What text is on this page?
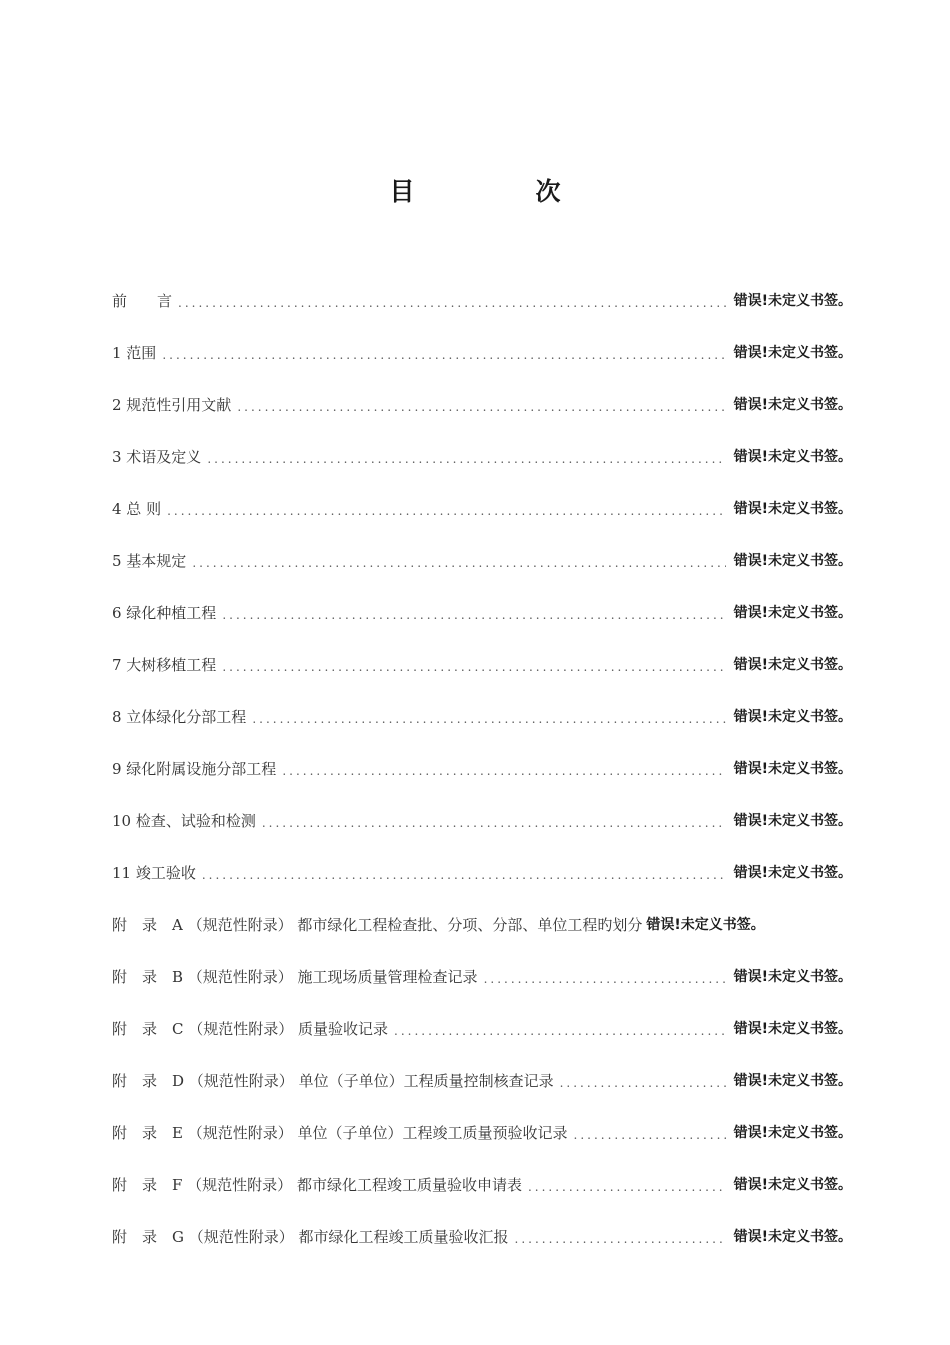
目　次
前　　言 .....	错误!未定义书签。
1 范围 .....	错误!未定义书签。
2 规范性引用文献 .....	错误!未定义书签。
3 术语及定义 .....	错误!未定义书签。
4 总 则 .....	错误!未定义书签。
5 基本规定 .....	错误!未定义书签。
6 绿化种植工程 .....	错误!未定义书签。
7 大树移植工程 .....	错误!未定义书签。
8 立体绿化分部工程 .....	错误!未定义书签。
9 绿化附属设施分部工程 .....	错误!未定义书签。
10 检查、试验和检测 .....	错误!未定义书签。
11 竣工验收 .....	错误!未定义书签。
附　录　A （规范性附录） 都市绿化工程检查批、分项、分部、单位工程旳划分 错误!未定义书签。
附　录　B （规范性附录） 施工现场质量管理检查记录 .....	错误!未定义书签。
附　录　C （规范性附录） 质量验收记录 .....	错误!未定义书签。
附　录　D （规范性附录） 单位（子单位）工程质量控制核查记录 .....	错误!未定义书签。
附　录　E （规范性附录） 单位（子单位）工程竣工质量预验收记录 .....	错误!未定义书签。
附　录　F （规范性附录） 都市绿化工程竣工质量验收申请表 .....	错误!未定义书签。
附　录　G （规范性附录） 都市绿化工程竣工质量验收汇报 .....	错误!未定义书签。
